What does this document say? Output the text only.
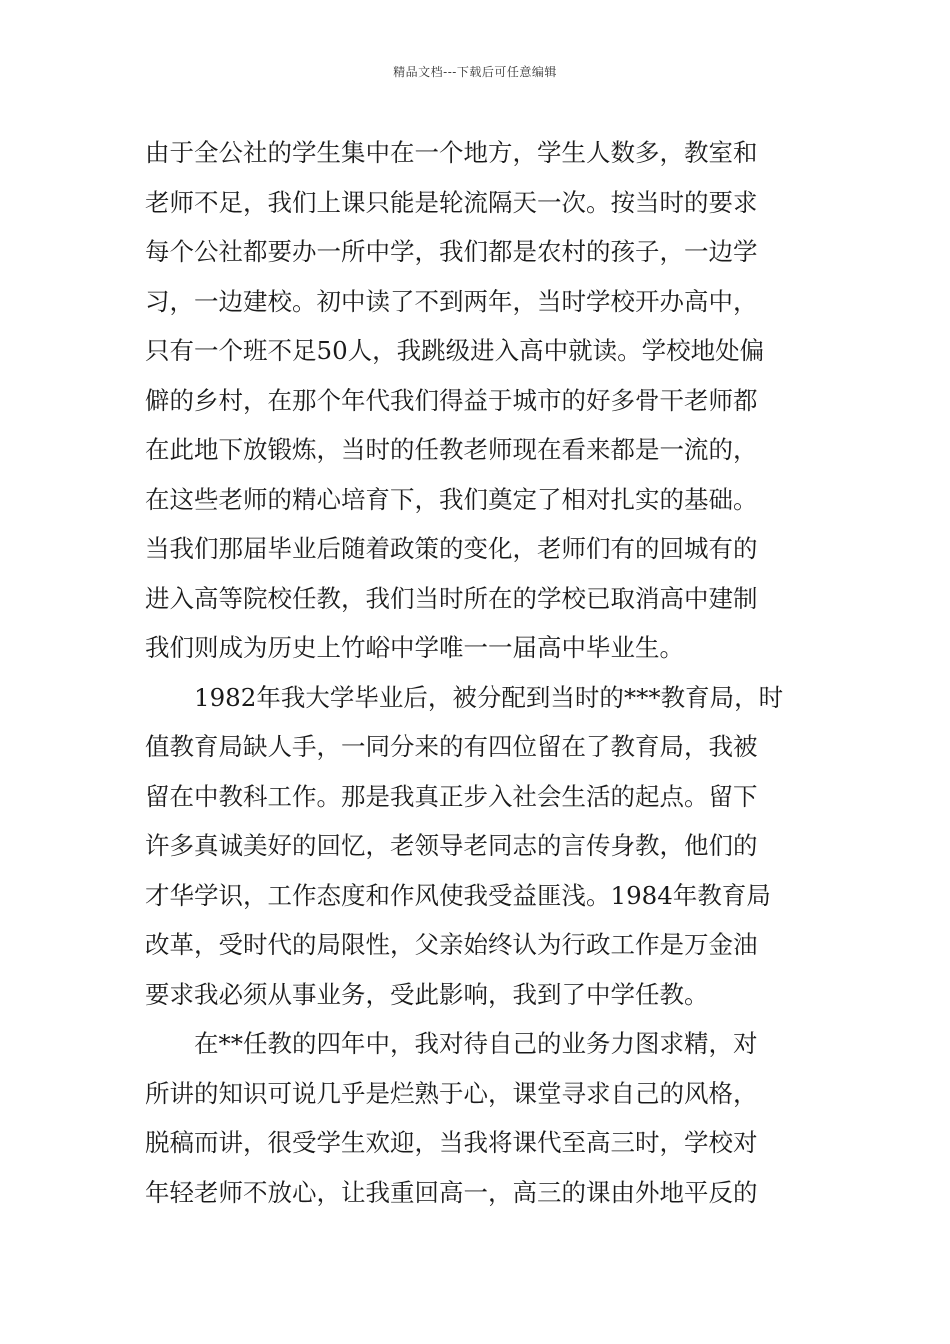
精品文档---下载后可任意编辑
由于全公社的学生集中在一个地方，学生人数多，教室和
老师不足，我们上课只能是轮流隔天一次。按当时的要求
每个公社都要办一所中学，我们都是农村的孩子，一边学
习，一边建校。初中读了不到两年，当时学校开办高中，
只有一个班不足50人，我跳级进入高中就读。学校地处偏
僻的乡村，在那个年代我们得益于城市的好多骨干老师都
在此地下放锻炼，当时的任教老师现在看来都是一流的，
在这些老师的精心培育下，我们奠定了相对扎实的基础。
当我们那届毕业后随着政策的变化，老师们有的回城有的
进入高等院校任教，我们当时所在的学校已取消高中建制
我们则成为历史上竹峪中学唯一一届高中毕业生。
1982年我大学毕业后，被分配到当时的***教育局，时
值教育局缺人手，一同分来的有四位留在了教育局，我被
留在中教科工作。那是我真正步入社会生活的起点。留下
许多真诚美好的回忆，老领导老同志的言传身教，他们的
才华学识，工作态度和作风使我受益匪浅。1984年教育局
改革，受时代的局限性，父亲始终认为行政工作是万金油
要求我必须从事业务，受此影响，我到了中学任教。
在**任教的四年中，我对待自己的业务力图求精，对
所讲的知识可说几乎是烂熟于心，课堂寻求自己的风格，
脱稿而讲，很受学生欢迎，当我将课代至高三时，学校对
年轻老师不放心，让我重回高一，高三的课由外地平反的
